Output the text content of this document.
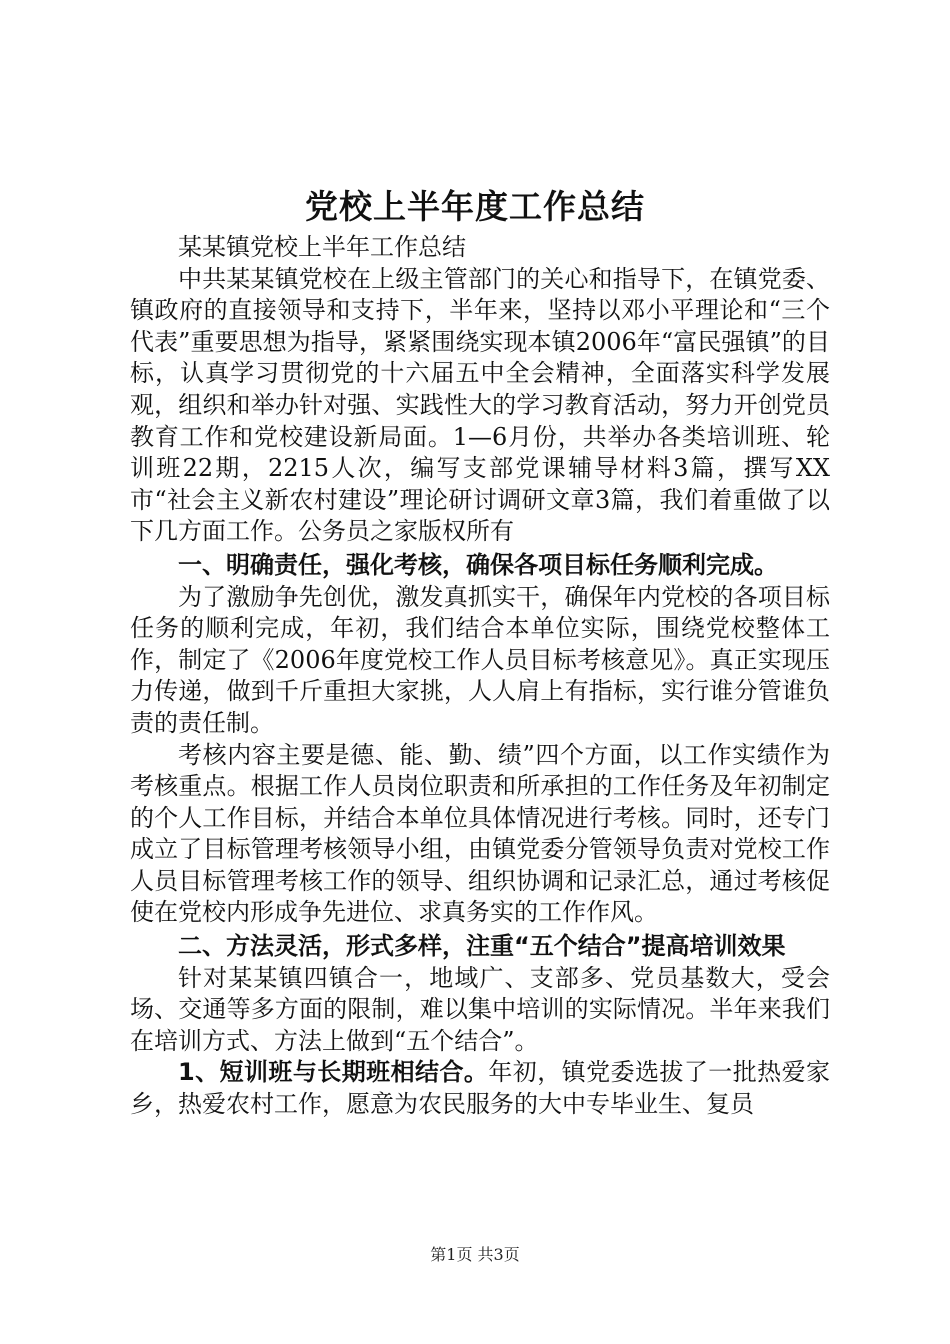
党校上半年度工作总结

某某镇党校上半年工作总结

中共某某镇党校在上级主管部门的关心和指导下，在镇党委、镇政府的直接领导和支持下，半年来，坚持以邓小平理论和“三个代表”重要思想为指导，紧紧围绕实现本镇2006年“富民强镇”的目标，认真学习贯彻党的十六届五中全会精神，全面落实科学发展观，组织和举办针对强、实践性大的学习教育活动，努力开创党员教育工作和党校建设新局面。1—6月份，共举办各类培训班、轮训班22期，2215人次，编写支部党课辅导材料3篇，撰写XX市“社会主义新农村建设”理论研讨调研文章3篇，我们着重做了以下几方面工作。公务员之家版权所有

一、明确责任，强化考核，确保各项目标任务顺利完成。

为了激励争先创优，激发真抓实干，确保年内党校的各项目标任务的顺利完成，年初，我们结合本单位实际，围绕党校整体工作，制定了《2006年度党校工作人员目标考核意见》。真正实现压力传递，做到千斤重担大家挑，人人肩上有指标，实行谁分管谁负责的责任制。

考核内容主要是德、能、勤、绩”四个方面，以工作实绩作为考核重点。根据工作人员岗位职责和所承担的工作任务及年初制定的个人工作目标，并结合本单位具体情况进行考核。同时，还专门成立了目标管理考核领导小组，由镇党委分管领导负责对党校工作人员目标管理考核工作的领导、组织协调和记录汇总，通过考核促使在党校内形成争先进位、求真务实的工作作风。

二、方法灵活，形式多样，注重“五个结合”提高培训效果

针对某某镇四镇合一，地域广、支部多、党员基数大，受会场、交通等多方面的限制，难以集中培训的实际情况。半年来我们在培训方式、方法上做到“五个结合”。

1、短训班与长期班相结合。年初，镇党委选拔了一批热爱家乡，热爱农村工作，愿意为农民服务的大中专毕业生、复员

第1页 共3页
